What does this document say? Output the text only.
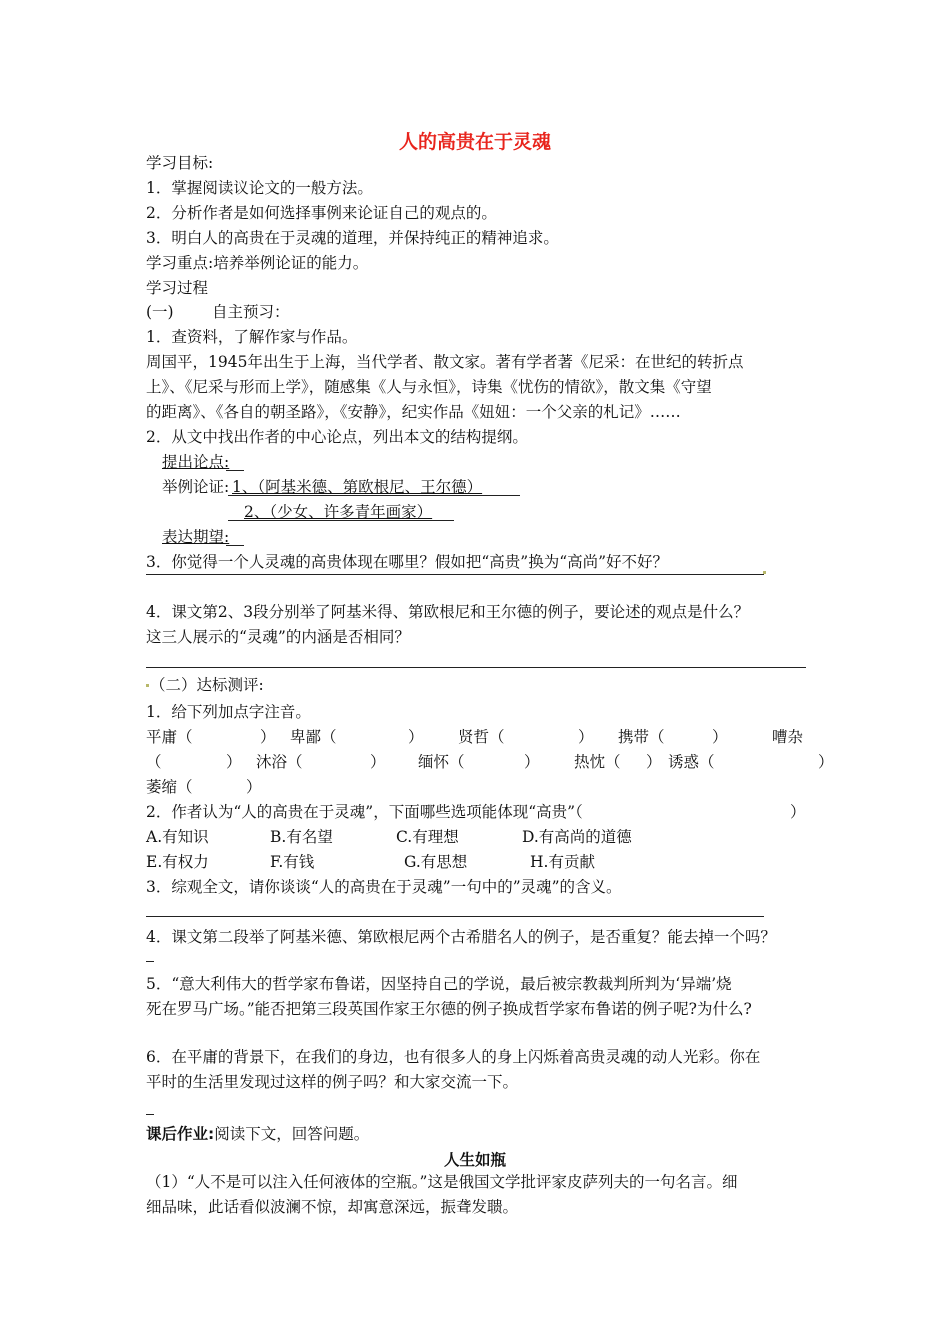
人的高贵在于灵魂
学习目标:
1．掌握阅读议论文的一般方法。
2．分析作者是如何选择事例来论证自己的观点的。
3．明白人的高贵在于灵魂的道理，并保持纯正的精神追求。
学习重点:培养举例论证的能力。
学习过程
(一) 自主预习：
1．查资料，了解作家与作品。
周国平，1945年出生于上海，当代学者、散文家。著有学者著《尼采：在世纪的转折点
上》、《尼采与形而上学》，随感集《人与永恒》，诗集《忧伤的情欲》，散文集《守望
的距离》、《各自的朝圣路》，《安静》，纪实作品《妞妞：一个父亲的札记》……
2．从文中找出作者的中心论点，列出本文的结构提纲。
提出论点:
举例论证: 1、（阿基米德、第欧根尼、王尔德）
2、（少女、许多青年画家）
表达期望:
3．你觉得一个人灵魂的高贵体现在哪里？假如把“高贵”换为“高尚”好不好？
4．课文第2、3段分别举了阿基米得、第欧根尼和王尔德的例子，要论述的观点是什么？
这三人展示的“灵魂”的内涵是否相同？
（二）达标测评:
1．给下列加点字注音。
平庸（	） 卑鄙（	） 贤哲（	） 携带（	）	嘈杂
（	） 沐浴（	） 缅怀（	） 热忱（ ） 诱惑（	）
萎缩（	）
2．作者认为“人的高贵在于灵魂”，下面哪些选项能体现“高贵”（	）
A.有知识	B.有名望	C.有理想	D.有高尚的道德
E.有权力	F.有钱	G.有思想	H.有贡献
3．综观全文，请你谈谈“人的高贵在于灵魂”一句中的”灵魂”的含义。
4．课文第二段举了阿基米德、第欧根尼两个古希腊名人的例子，是否重复？能去掉一个吗？
5．“意大利伟大的哲学家布鲁诺，因坚持自己的学说，最后被宗教裁判所判为‘异端’烧
死在罗马广场。”能否把第三段英国作家王尔德的例子换成哲学家布鲁诺的例子呢?为什么?
6．在平庸的背景下，在我们的身边，也有很多人的身上闪烁着高贵灵魂的动人光彩。你在
平时的生活里发现过这样的例子吗？和大家交流一下。
课后作业:阅读下文，回答问题。
人生如瓶
（1）“人不是可以注入任何液体的空瓶。”这是俄国文学批评家皮萨列夫的一句名言。细
细品味，此话看似波澜不惊，却寓意深远，振聋发聩。
